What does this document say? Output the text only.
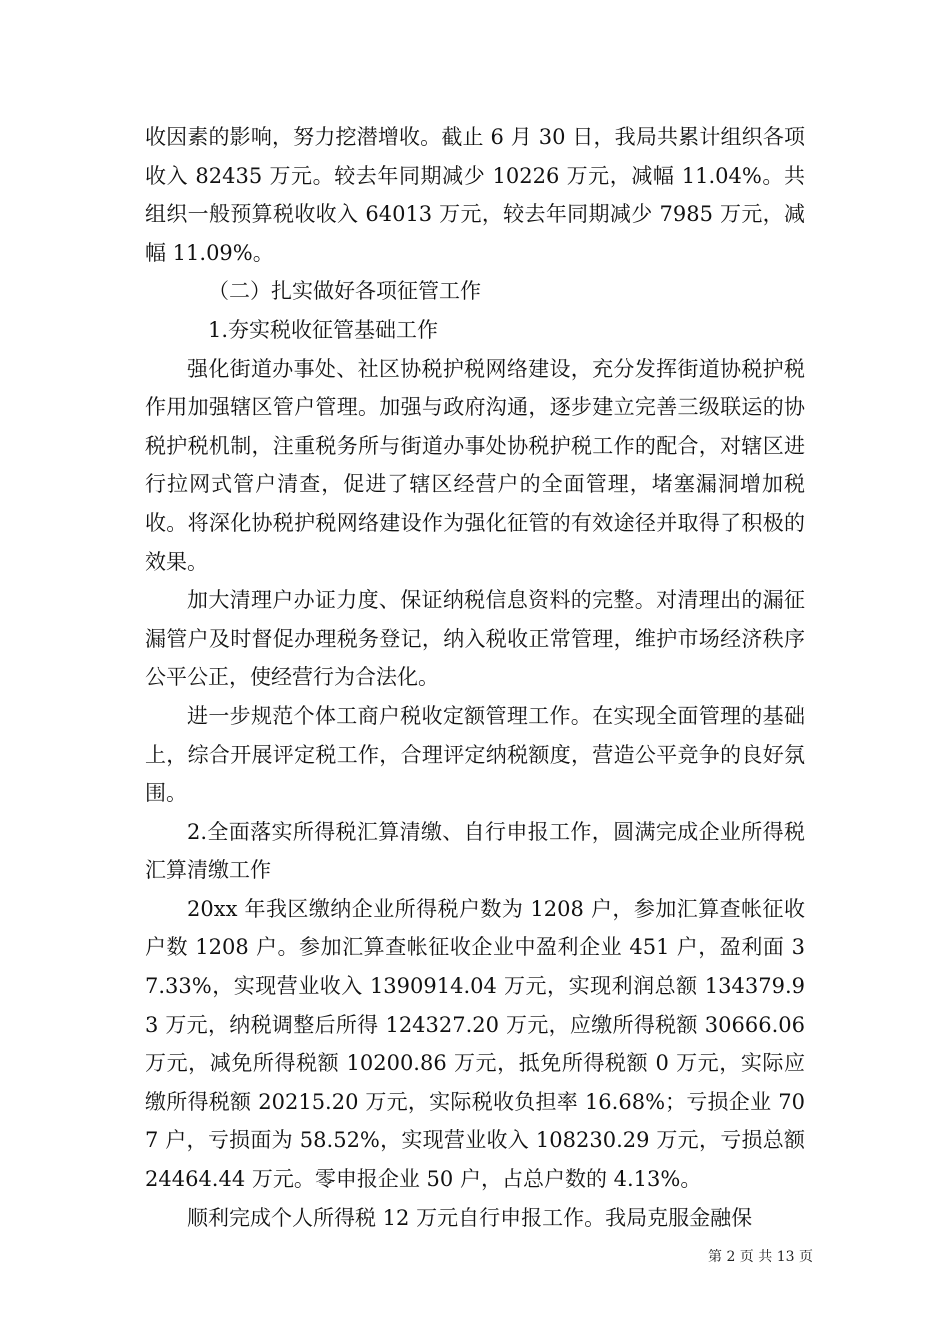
收因素的影响，努力挖潜增收。截止 6 月 30 日，我局共累计组织各项收入 82435 万元。较去年同期减少 10226 万元，减幅 11.04%。共组织一般预算税收收入 64013 万元，较去年同期减少 7985 万元，减幅 11.09%。

（二）扎实做好各项征管工作

1.夯实税收征管基础工作

强化街道办事处、社区协税护税网络建设，充分发挥街道协税护税作用加强辖区管户管理。加强与政府沟通，逐步建立完善三级联运的协税护税机制，注重税务所与街道办事处协税护税工作的配合，对辖区进行拉网式管户清查，促进了辖区经营户的全面管理，堵塞漏洞增加税收。将深化协税护税网络建设作为强化征管的有效途径并取得了积极的效果。

加大清理户办证力度、保证纳税信息资料的完整。对清理出的漏征漏管户及时督促办理税务登记，纳入税收正常管理，维护市场经济秩序公平公正，使经营行为合法化。

进一步规范个体工商户税收定额管理工作。在实现全面管理的基础上，综合开展评定税工作，合理评定纳税额度，营造公平竞争的良好氛围。

2.全面落实所得税汇算清缴、自行申报工作，圆满完成企业所得税汇算清缴工作

20xx 年我区缴纳企业所得税户数为 1208 户，参加汇算查帐征收户数 1208 户。参加汇算查帐征收企业中盈利企业 451 户，盈利面 37.33%，实现营业收入 1390914.04 万元，实现利润总额 134379.93 万元，纳税调整后所得 124327.20 万元，应缴所得税额 30666.06 万元，减免所得税额 10200.86 万元，抵免所得税额 0 万元，实际应缴所得税额 20215.20 万元，实际税收负担率 16.68%；亏损企业 707 户，亏损面为 58.52%，实现营业收入 108230.29 万元，亏损总额 24464.44 万元。零申报企业 50 户，占总户数的 4.13%。

顺利完成个人所得税 12 万元自行申报工作。我局克服金融保

第 2 页 共 13 页
